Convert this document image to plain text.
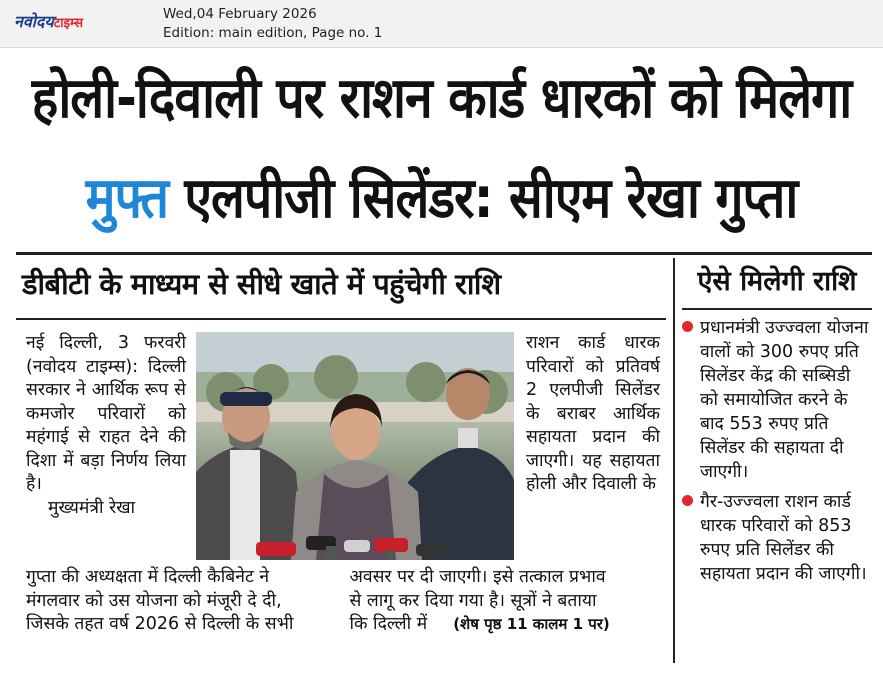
नवोदयटाइम्स
Wed,04 February 2026
Edition: main edition, Page no. 1
होली-दिवाली पर राशन कार्ड धारकों को मिलेगा
मुफ्त एलपीजी सिलेंडर: सीएम रेखा गुप्ता
डीबीटी के माध्यम से सीधे खाते में पहुंचेगी राशि

नई दिल्ली, 3 फरवरी (नवोदय टाइम्स): दिल्ली सरकार ने आर्थिक रूप से कमजोर परिवारों को महंगाई से राहत देने की दिशा में बड़ा निर्णय लिया है।

मुख्यमंत्री रेखा

राशन कार्ड धारक परिवारों को प्रतिवर्ष 2 एलपीजी सिलेंडर के बराबर आर्थिक सहायता प्रदान की जाएगी। यह सहायता होली और दिवाली के
गुप्ता की अध्यक्षता में दिल्ली कैबिनेट ने
मंगलवार को उस योजना को मंजूरी दे दी,
जिसके तहत वर्ष 2026 से दिल्ली के सभी
अवसर पर दी जाएगी। इसे तत्काल प्रभाव
से लागू कर दिया गया है। सूत्रों ने बताया
कि दिल्ली में (शेष पृष्ठ 11 कालम 1 पर)
ऐसे मिलेगी राशि
प्रधानमंत्री उज्ज्वला योजना वालों को 300 रुपए प्रति सिलेंडर केंद्र की सब्सिडी को समायोजित करने के बाद 553 रुपए प्रति सिलेंडर की सहायता दी जाएगी।
गैर-उज्ज्वला राशन कार्ड धारक परिवारों को 853 रुपए प्रति सिलेंडर की सहायता प्रदान की जाएगी।
